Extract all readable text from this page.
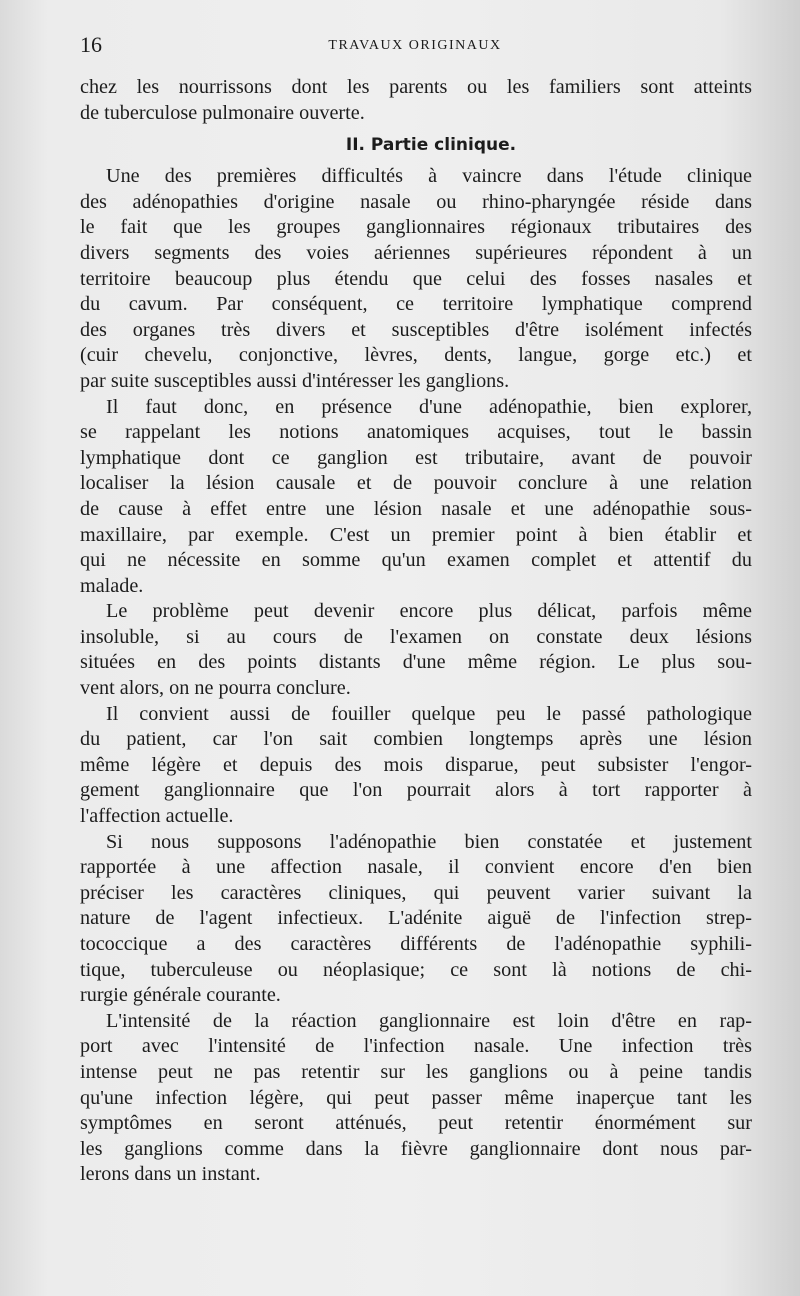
16	TRAVAUX ORIGINAUX
chez les nourrissons dont les parents ou les familiers sont atteints
de tuberculose pulmonaire ouverte.
II. Partie clinique.
Une des premières difficultés à vaincre dans l'étude clinique
des adénopathies d'origine nasale ou rhino-pharyngée réside dans
le fait que les groupes ganglionnaires régionaux tributaires des
divers segments des voies aériennes supérieures répondent à un
territoire beaucoup plus étendu que celui des fosses nasales et
du cavum. Par conséquent, ce territoire lymphatique comprend
des organes très divers et susceptibles d'être isolément infectés
(cuir chevelu, conjonctive, lèvres, dents, langue, gorge etc.) et
par suite susceptibles aussi d'intéresser les ganglions.
Il faut donc, en présence d'une adénopathie, bien explorer,
se rappelant les notions anatomiques acquises, tout le bassin
lymphatique dont ce ganglion est tributaire, avant de pouvoir
localiser la lésion causale et de pouvoir conclure à une relation
de cause à effet entre une lésion nasale et une adénopathie sous-
maxillaire, par exemple. C'est un premier point à bien établir et
qui ne nécessite en somme qu'un examen complet et attentif du
malade.
Le problème peut devenir encore plus délicat, parfois même
insoluble, si au cours de l'examen on constate deux lésions
situées en des points distants d'une même région. Le plus sou-
vent alors, on ne pourra conclure.
Il convient aussi de fouiller quelque peu le passé pathologique
du patient, car l'on sait combien longtemps après une lésion
même légère et depuis des mois disparue, peut subsister l'engor-
gement ganglionnaire que l'on pourrait alors à tort rapporter à
l'affection actuelle.
Si nous supposons l'adénopathie bien constatée et justement
rapportée à une affection nasale, il convient encore d'en bien
préciser les caractères cliniques, qui peuvent varier suivant la
nature de l'agent infectieux. L'adénite aiguë de l'infection strep-
tococcique a des caractères différents de l'adénopathie syphili-
tique, tuberculeuse ou néoplasique; ce sont là notions de chi-
rurgie générale courante.
L'intensité de la réaction ganglionnaire est loin d'être en rap-
port avec l'intensité de l'infection nasale. Une infection très
intense peut ne pas retentir sur les ganglions ou à peine tandis
qu'une infection légère, qui peut passer même inaperçue tant les
symptômes en seront atténués, peut retentir énormément sur
les ganglions comme dans la fièvre ganglionnaire dont nous par-
lerons dans un instant.
